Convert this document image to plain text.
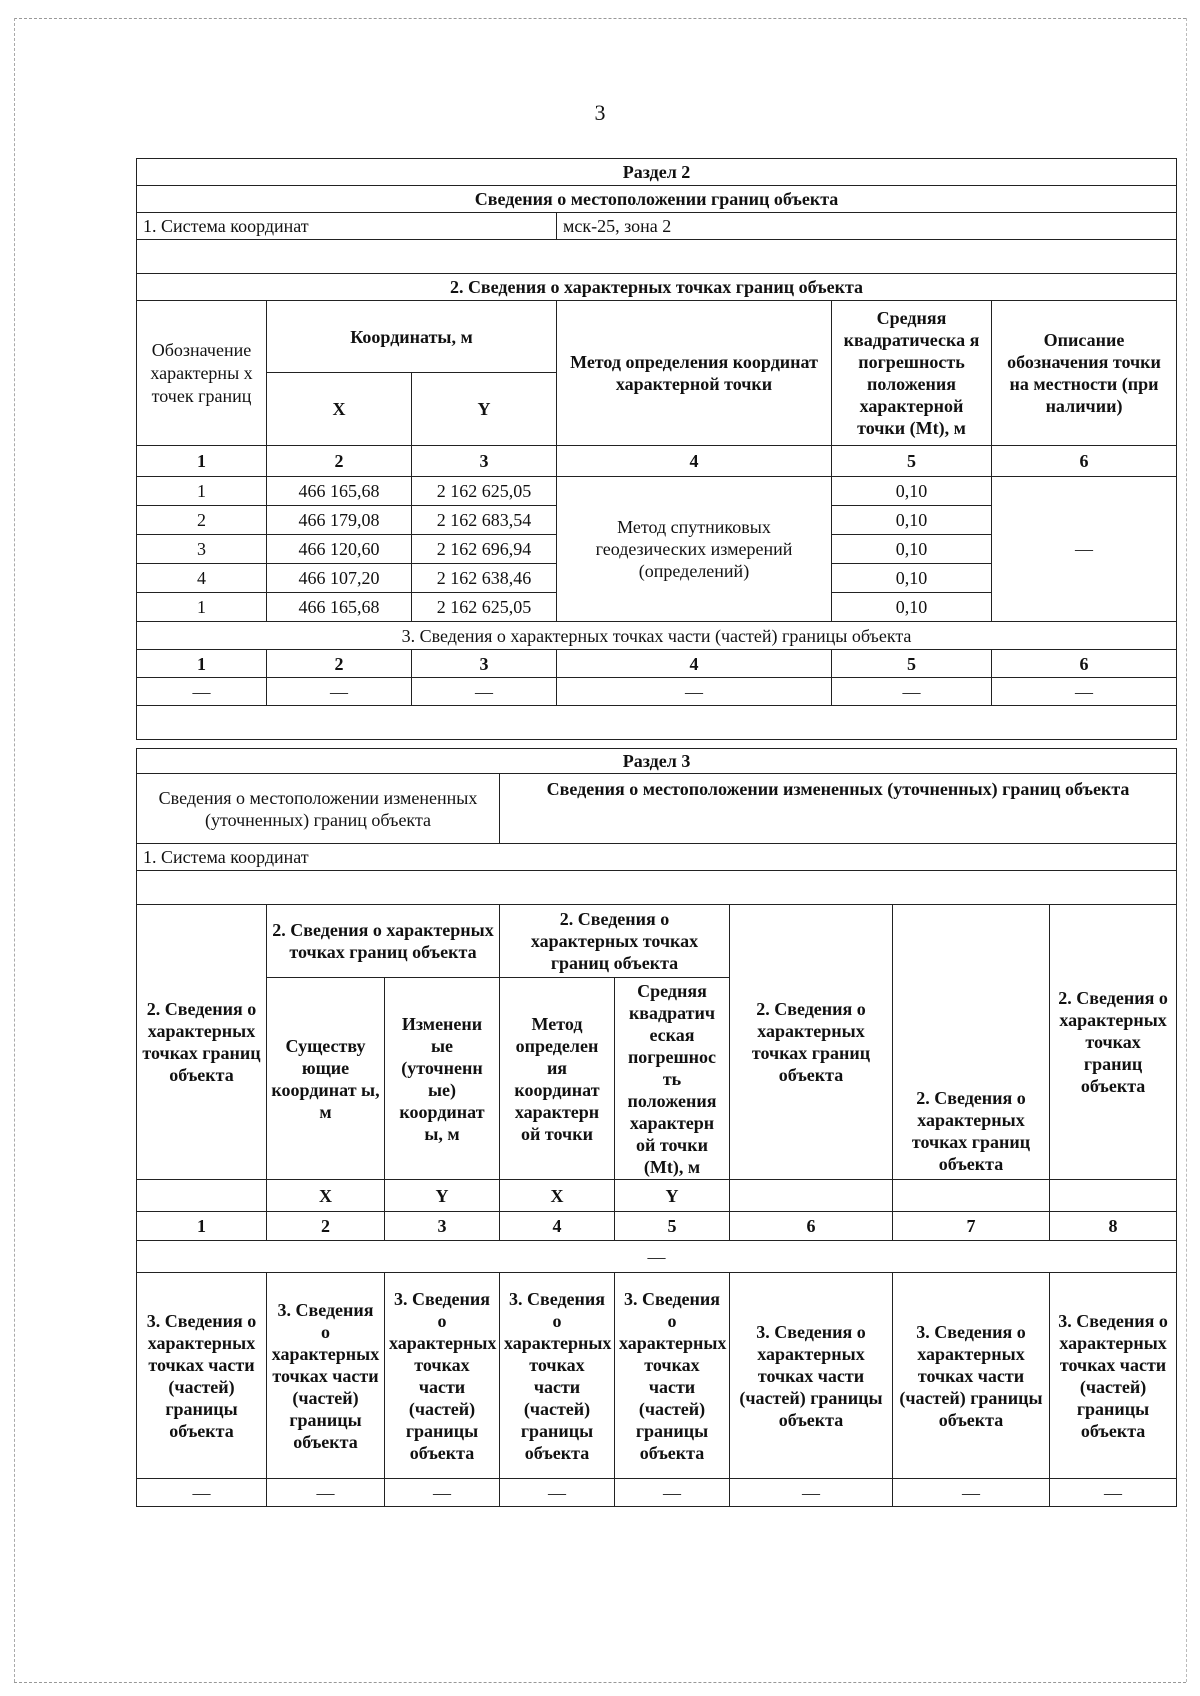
3
Раздел 2					
Сведения о местоположении границ объекта					
1. Система координат			мск-25, зона 2		

2. Сведения о характерных точках границ объекта					
Обозначение характерны х точек границ	Координаты, м		Метод определения координат характерной точки	Средняя квадратическа я погрешность положения характерной точки (Mt), м	Описание обозначения точки на местности (при наличии)
	X	Y			
1	2	3	4	5	6
1	466 165,68	2 162 625,05	Метод спутниковых геодезических измерений (определений)	0,10	—
2	466 179,08	2 162 683,54		0,10	
3	466 120,60	2 162 696,94		0,10	
4	466 107,20	2 162 638,46		0,10	
1	466 165,68	2 162 625,05		0,10	
3. Сведения о характерных точках части (частей) границы объекта					
1	2	3	4	5	6
—	—	—	—	—	—

Раздел 3							
Сведения о местоположении измененных (уточненных) границ объекта			Сведения о местоположении измененных (уточненных) границ объекта				
1. Система координат							

2. Сведения о характерных точках границ объекта	2. Сведения о характерных точках границ объекта		2. Сведения о характерных точках границ объекта		2. Сведения о характерных точках границ объекта	2. Сведения о характерных точках границ объекта	2. Сведения о характерных точках границ объекта
	Существу ющие координат ы, м	Изменени ые (уточненн ые) координат ы, м	Метод определен ия координат характерн ой точки	Средняя квадратич еская погрешнос ть положения характерн ой точки (Mt), м			
	X	Y	X	Y			
1	2	3	4	5	6	7	8
—							
3. Сведения о характерных точках части (частей) границы объекта	3. Сведения о характерных точках части (частей) границы объекта	3. Сведения о характерных точках части (частей) границы объекта	3. Сведения о характерных точках части (частей) границы объекта	3. Сведения о характерных точках части (частей) границы объекта	3. Сведения о характерных точках части (частей) границы объекта	3. Сведения о характерных точках части (частей) границы объекта	3. Сведения о характерных точках части (частей) границы объекта
—	—	—	—	—	—	—	—
